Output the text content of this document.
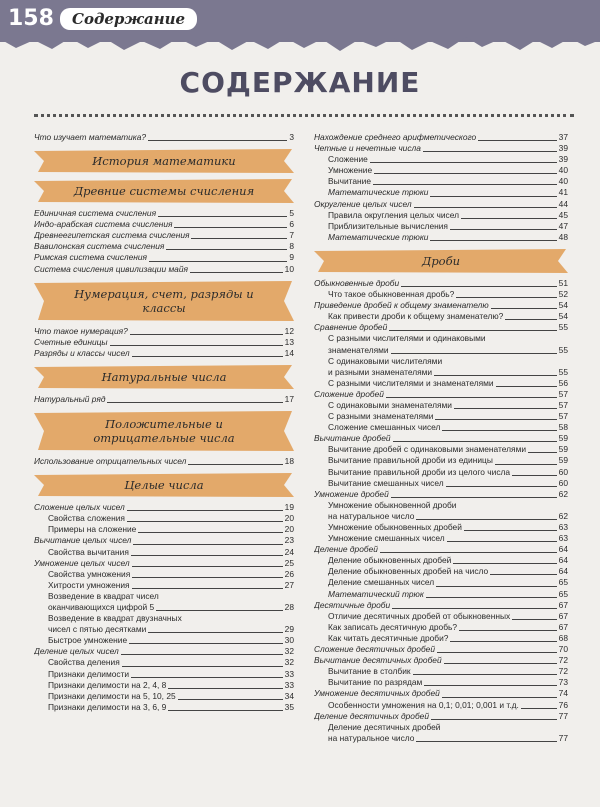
158	Содержание
СОДЕРЖАНИЕ
Что изучает математика?	3
История математики
Древние системы счисления
Единичная система счисления	5
Индо-арабская система счисления	6
Древнеегипетская система счисления	7
Вавилонская система счисления	8
Римская система счисления	9
Система счисления цивилизации майя	10
Нумерация, счет, разряды и классы
Что такое нумерация?	12
Счетные единицы	13
Разряды и классы чисел	14
Натуральные числа
Натуральный ряд	17
Положительные и отрицательные числа
Использование отрицательных чисел	18
Целые числа
Сложение целых чисел	19
Свойства сложения	20
Примеры на сложение	20
Вычитание целых чисел	23
Свойства вычитания	24
Умножение целых чисел	25
Свойства умножения	26
Хитрости умножения	27
Возведение в квадрат чисел
оканчивающихся цифрой 5	28
Возведение в квадрат двузначных
чисел с пятью десятками	29
Быстрое умножение	30
Деление целых чисел	32
Свойства деления	32
Признаки делимости	33
Признаки делимости на 2, 4, 8	33
Признаки делимости на 5, 10, 25	34
Признаки делимости на 3, 6, 9	35
Нахождение среднего арифметического	37
Четные и нечетные числа	39
Сложение	39
Умножение	40
Вычитание	40
Математические трюки	41
Округление целых чисел	44
Правила округления целых чисел	45
Приблизительные вычисления	47
Математические трюки	48
Дроби
Обыкновенные дроби	51
Что такое обыкновенная дробь?	52
Приведение дробей к общему знаменателю	54
Как привести дроби к общему знаменателю?	54
Сравнение дробей	55
С разными числителями и одинаковыми
знаменателями	55
С одинаковыми числителями
и разными знаменателями	55
С разными числителями и знаменателями	56
Сложение дробей	57
С одинаковыми знаменателями	57
С разными знаменателями	57
Сложение смешанных чисел	58
Вычитание дробей	59
Вычитание дробей с одинаковыми знаменателями	59
Вычитание правильной дроби из единицы	59
Вычитание правильной дроби из целого числа	60
Вычитание смешанных чисел	60
Умножение дробей	62
Умножение обыкновенной дроби
на натуральное число	62
Умножение обыкновенных дробей	63
Умножение смешанных чисел	63
Деление дробей	64
Деление обыкновенных дробей	64
Деление обыкновенных дробей на число	64
Деление смешанных чисел	65
Математический трюк	65
Десятичные дроби	67
Отличие десятичных дробей от обыкновенных	67
Как записать десятичную дробь?	67
Как читать десятичные дроби?	68
Сложение десятичных дробей	70
Вычитание десятичных дробей	72
Вычитание в столбик	72
Вычитание по разрядам	73
Умножение десятичных дробей	74
Особенности умножения на 0,1; 0,01; 0,001 и т.д.	76
Деление десятичных дробей	77
Деление десятичных дробей
на натуральное число	77
